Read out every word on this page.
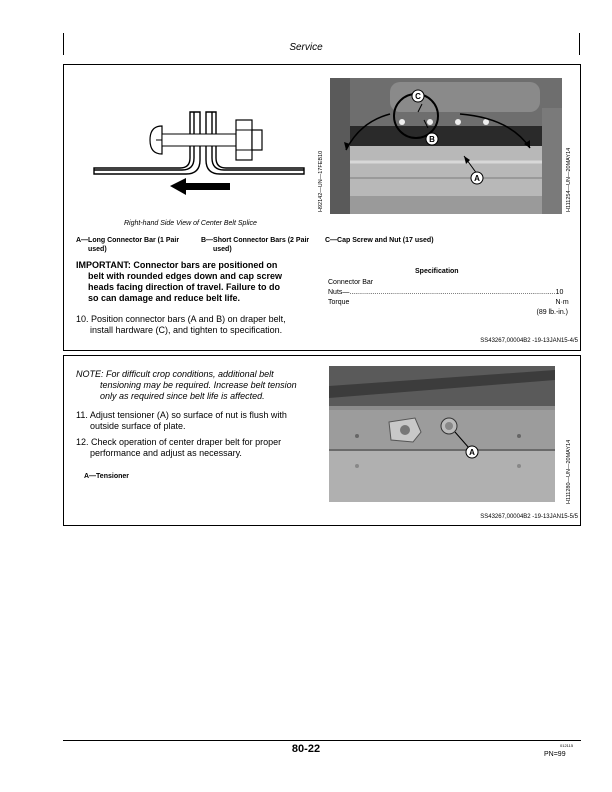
Service
Right-hand Side View of Center Belt Splice
H92142—UN—17FEB10
C
B
A	H111254—UN—20MAY14
A—Long Connector Bar (1 Pair
used)
B—Short Connector Bars (2 Pair
used)
C—Cap Screw and Nut (17 used)
IMPORTANT: Connector bars are positioned on
belt with rounded edges down and cap screw
heads facing direction of travel. Failure to do
so can damage and reduce belt life.
10. Position connector bars (A and B) on draper belt,
install hardware (C), and tighten to specification.
Specification
Connector Bar
Nuts—Torque
.......................................................................................................... 10 N·m
(89 lb.-in.)
SS43267,00004B2 -19-13JAN15-4/5
NOTE: For difficult crop conditions, additional belt
tensioning may be required. Increase belt tension
only as required since belt life is affected.
11. Adjust tensioner (A) so surface of nut is flush with
outside surface of plate.
12. Check operation of center draper belt for proper
performance and adjust as necessary.
A—Tensioner
A	H111280—UN—20MAY14
SS43267,00004B2 -19-13JAN15-5/5
80-22	012115
PN=99
